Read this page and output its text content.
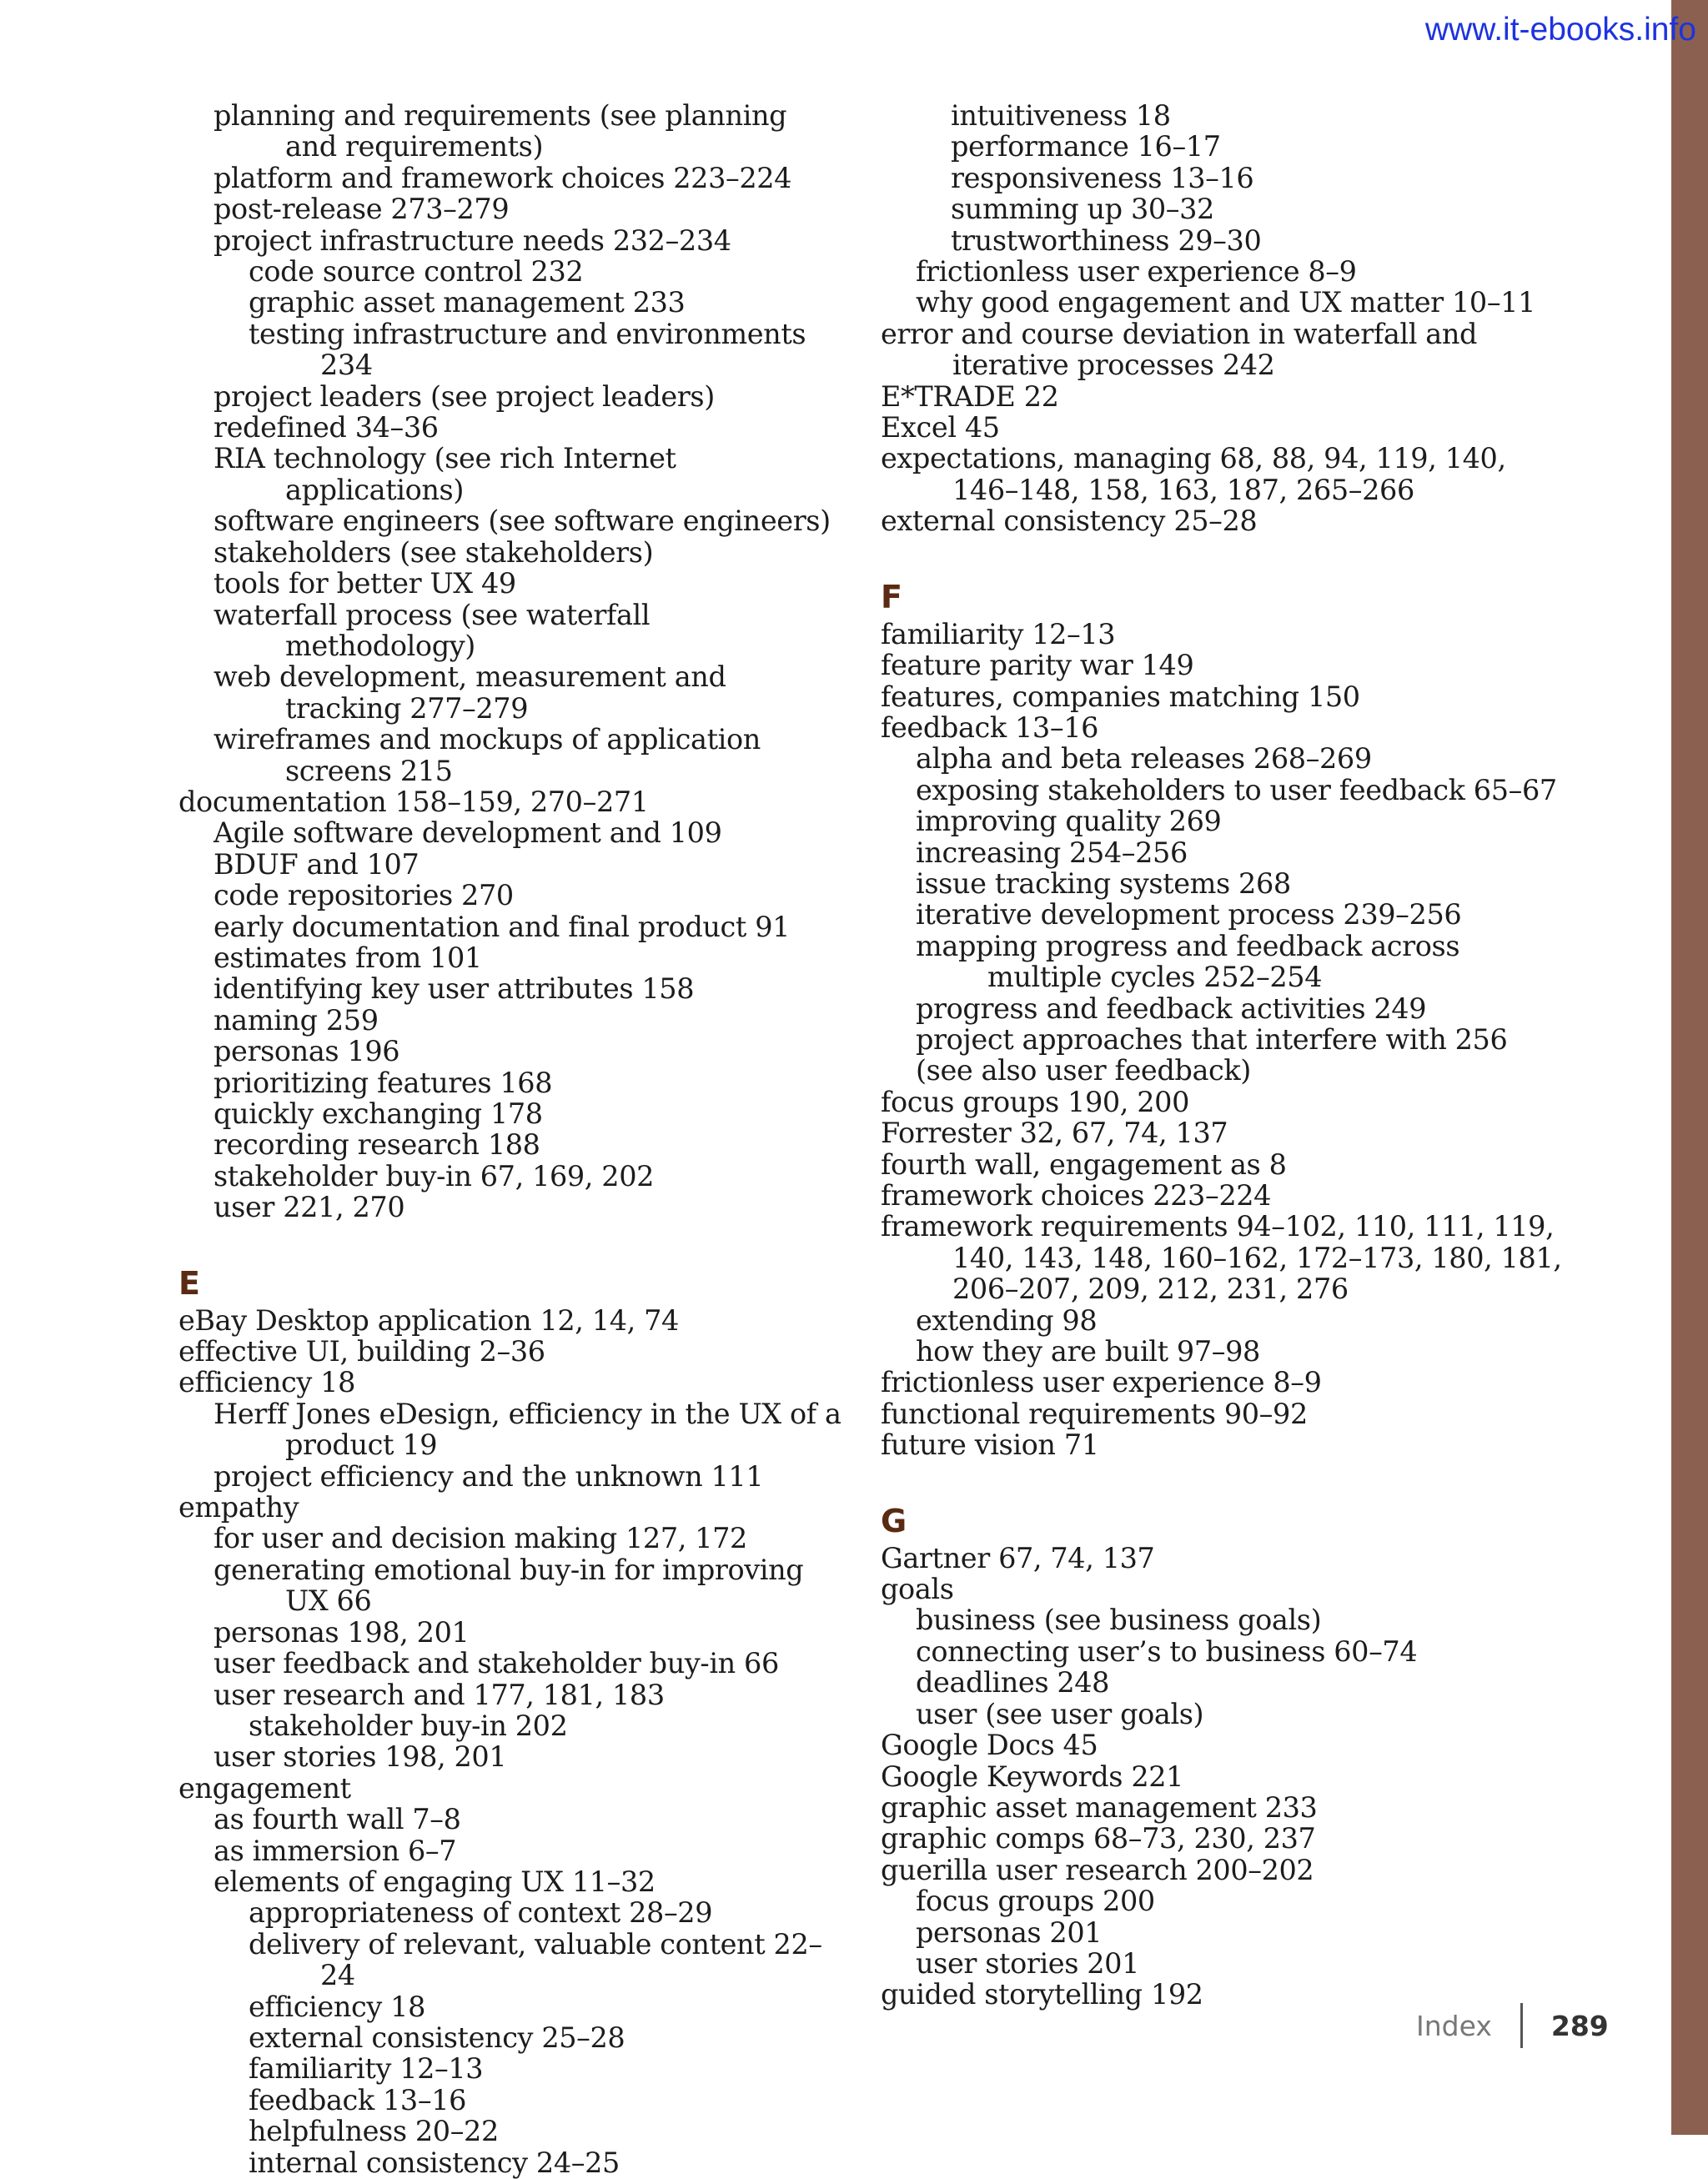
www.it-ebooks.info
planning and requirements (see planning and requirements)
platform and framework choices 223–224
post-release 273–279
project infrastructure needs 232–234
code source control 232
graphic asset management 233
testing infrastructure and environments 234
project leaders (see project leaders)
redefined 34–36
RIA technology (see rich Internet applications)
software engineers (see software engineers)
stakeholders (see stakeholders)
tools for better UX 49
waterfall process (see waterfall methodology)
web development, measurement and tracking 277–279
wireframes and mockups of application screens 215
documentation 158–159, 270–271
Agile software development and 109
BDUF and 107
code repositories 270
early documentation and final product 91
estimates from 101
identifying key user attributes 158
naming 259
personas 196
prioritizing features 168
quickly exchanging 178
recording research 188
stakeholder buy-in 67, 169, 202
user 221, 270
E
eBay Desktop application 12, 14, 74
effective UI, building 2–36
efficiency 18
Herff Jones eDesign, efficiency in the UX of a product 19
project efficiency and the unknown 111
empathy
for user and decision making 127, 172
generating emotional buy-in for improving UX 66
personas 198, 201
user feedback and stakeholder buy-in 66
user research and 177, 181, 183
stakeholder buy-in 202
user stories 198, 201
engagement
as fourth wall 7–8
as immersion 6–7
elements of engaging UX 11–32
appropriateness of context 28–29
delivery of relevant, valuable content 22–24
efficiency 18
external consistency 25–28
familiarity 12–13
feedback 13–16
helpfulness 20–22
internal consistency 24–25
intuitiveness 18
performance 16–17
responsiveness 13–16
summing up 30–32
trustworthiness 29–30
frictionless user experience 8–9
why good engagement and UX matter 10–11
error and course deviation in waterfall and iterative processes 242
E*TRADE 22
Excel 45
expectations, managing 68, 88, 94, 119, 140, 146–148, 158, 163, 187, 265–266
external consistency 25–28
F
familiarity 12–13
feature parity war 149
features, companies matching 150
feedback 13–16
alpha and beta releases 268–269
exposing stakeholders to user feedback 65–67
improving quality 269
increasing 254–256
issue tracking systems 268
iterative development process 239–256
mapping progress and feedback across multiple cycles 252–254
progress and feedback activities 249
project approaches that interfere with 256
(see also user feedback)
focus groups 190, 200
Forrester 32, 67, 74, 137
fourth wall, engagement as 8
framework choices 223–224
framework requirements 94–102, 110, 111, 119, 140, 143, 148, 160–162, 172–173, 180, 181, 206–207, 209, 212, 231, 276
extending 98
how they are built 97–98
frictionless user experience 8–9
functional requirements 90–92
future vision 71
G
Gartner 67, 74, 137
goals
business (see business goals)
connecting user’s to business 60–74
deadlines 248
user (see user goals)
Google Docs 45
Google Keywords 221
graphic asset management 233
graphic comps 68–73, 230, 237
guerilla user research 200–202
focus groups 200
personas 201
user stories 201
guided storytelling 192
Index 289
